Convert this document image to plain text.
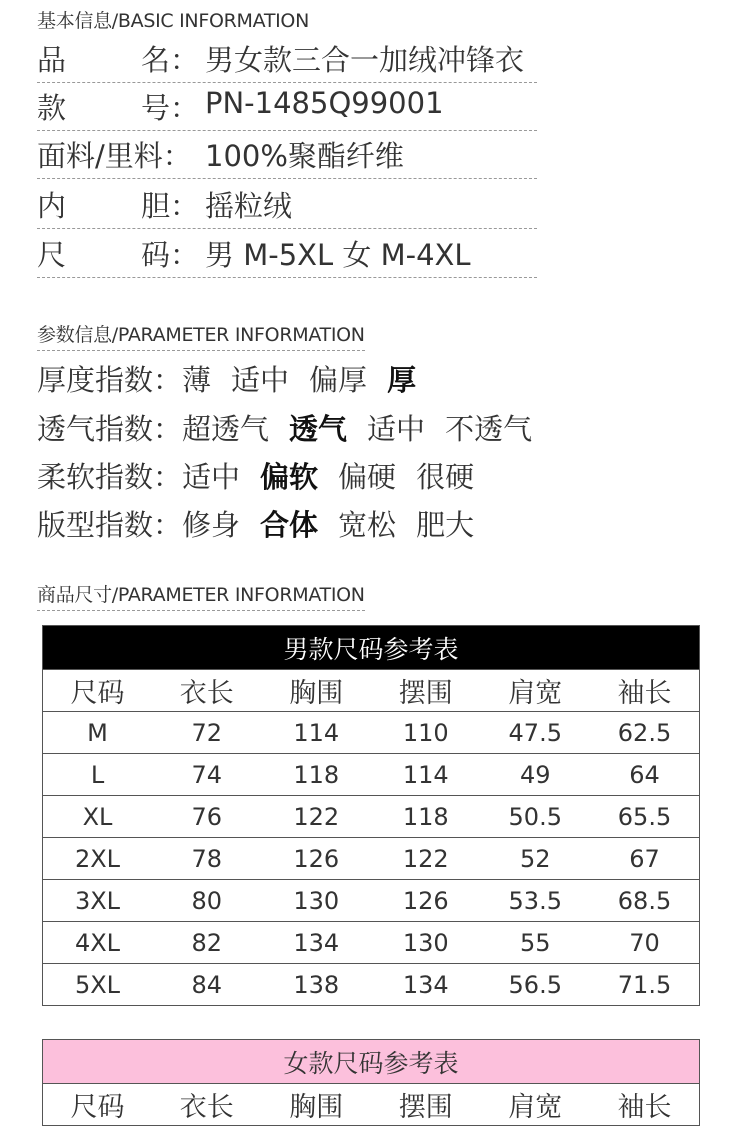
基本信息/BASIC INFORMATION
品	名： 男女款三合一加绒冲锋衣
款	号： PN-1485Q99001
面料/里料： 100%聚酯纤维
内	胆： 摇粒绒
尺	码： 男 M-5XL 女 M-4XL
参数信息/PARAMETER INFORMATION
厚度指数：薄 适中 偏厚 厚
透气指数：超透气 透气 适中 不透气
柔软指数：适中 偏软 偏硬 很硬
版型指数：修身 合体 宽松 肥大
商品尺寸/PARAMETER INFORMATION
男款尺码参考表					
尺码	衣长	胸围	摆围	肩宽	袖长
M	72	114	110	47.5	62.5
L	74	118	114	49	64
XL	76	122	118	50.5	65.5
2XL	78	126	122	52	67
3XL	80	130	126	53.5	68.5
4XL	82	134	130	55	70
5XL	84	138	134	56.5	71.5
女款尺码参考表
尺码	衣长	胸围	摆围	肩宽	袖长
